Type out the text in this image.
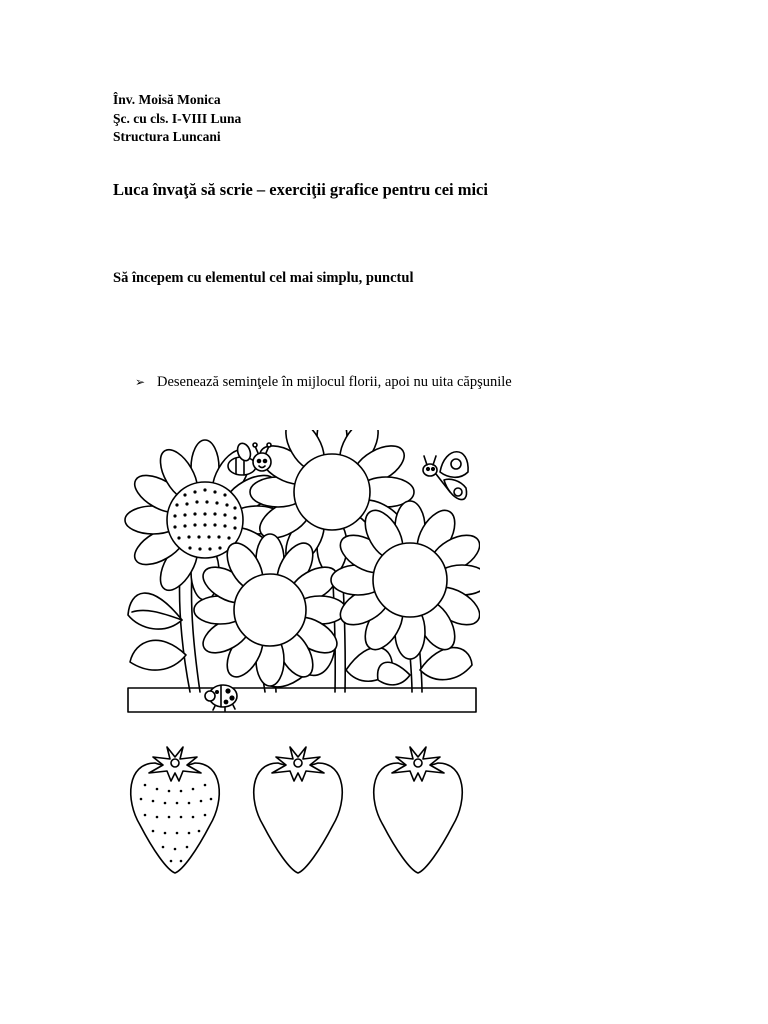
Înv. Moisă Monica
Şc. cu cls. I-VIII Luna
Structura Luncani
Luca învaţă să scrie – exerciţii grafice pentru cei mici
Să începem cu elementul cel mai simplu, punctul
➢ Desenează seminţele în mijlocul florii, apoi nu uita căpşunile
